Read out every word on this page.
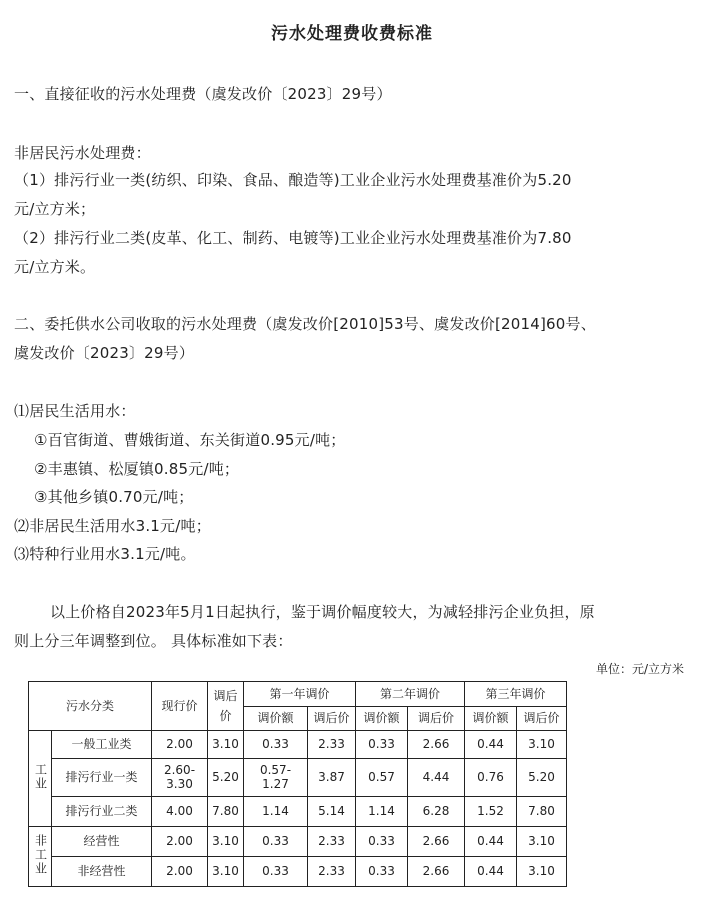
污水处理费收费标准
一、直接征收的污水处理费（虞发改价〔2023〕29号）
非居民污水处理费：
（1）排污行业一类(纺织、印染、食品、酿造等)工业企业污水处理费基准价为5.20
元/立方米；
（2）排污行业二类(皮革、化工、制药、电镀等)工业企业污水处理费基准价为7.80
元/立方米。
二、委托供水公司收取的污水处理费（虞发改价[2010]53号、虞发改价[2014]60号、
虞发改价〔2023〕29号）
⑴居民生活用水：
①百官街道、曹娥街道、东关街道0.95元/吨；
②丰惠镇、松厦镇0.85元/吨；
③其他乡镇0.70元/吨；
⑵非居民生活用水3.1元/吨；
⑶特种行业用水3.1元/吨。
以上价格自2023年5月1日起执行，鉴于调价幅度较大，为减轻排污企业负担，原
则上分三年调整到位。 具体标准如下表：
单位：元/立方米
污水分类		现行价	调后价	第一年调价		第二年调价		第三年调价	
				调价额	调后价	调价额	调后价	调价额	调后价
工业	一般工业类	2.00	3.10	0.33	2.33	0.33	2.66	0.44	3.10
	排污行业一类	2.60-3.30	5.20	0.57-1.27	3.87	0.57	4.44	0.76	5.20
	排污行业二类	4.00	7.80	1.14	5.14	1.14	6.28	1.52	7.80
非工业	经营性	2.00	3.10	0.33	2.33	0.33	2.66	0.44	3.10
	非经营性	2.00	3.10	0.33	2.33	0.33	2.66	0.44	3.10
